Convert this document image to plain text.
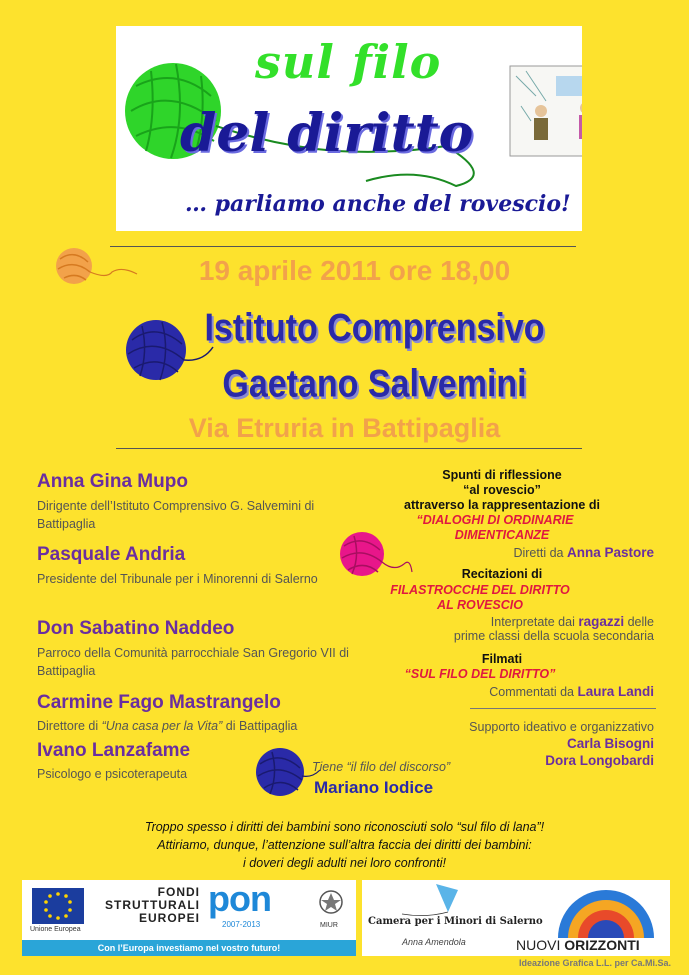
sul filo
del diritto
… parliamo anche del rovescio!
19 aprile 2011 ore 18,00
Istituto Comprensivo
Gaetano Salvemini
Via Etruria in Battipaglia
Anna Gina Mupo
Dirigente dell’Istituto Comprensivo G. Salvemini di Battipaglia
Pasquale Andria
Presidente del Tribunale per i Minorenni di Salerno
Don Sabatino Naddeo
Parroco della Comunità parrocchiale San Gregorio VII di Battipaglia
Carmine Fago Mastrangelo
Direttore di “Una casa per la Vita” di Battipaglia
Ivano Lanzafame
Psicologo e psicoterapeuta	Tiene “il filo del discorso”
Mariano Iodice
Spunti di riflessione
“al rovescio”
attraverso la rappresentazione di
“DIALOGHI DI ORDINARIE
DIMENTICANZE
Diretti da Anna Pastore
Recitazioni di
FILASTROCCHE DEL DIRITTO
AL ROVESCIO
Interpretate dai ragazzi delle
prime classi della scuola secondaria
Filmati
“SUL FILO DEL DIRITTO”
Commentati da Laura Landi
Supporto ideativo e organizzativo
Carla Bisogni
Dora Longobardi
Troppo spesso i diritti dei bambini sono riconosciuti solo “sul filo di lana”!
Attiriamo, dunque, l’attenzione sull’altra faccia dei diritti dei bambini:
i doveri degli adulti nei loro confronti!
Unione Europea
FONDI
STRUTTURALI
EUROPEI pon
2007-2013	MIUR
Con l’Europa investiamo nel vostro futuro!
Camera per i Minori di Salerno
Anna Amendola	NUOVI ORIZZONTI
Ideazione Grafica L.L. per Ca.Mi.Sa.
